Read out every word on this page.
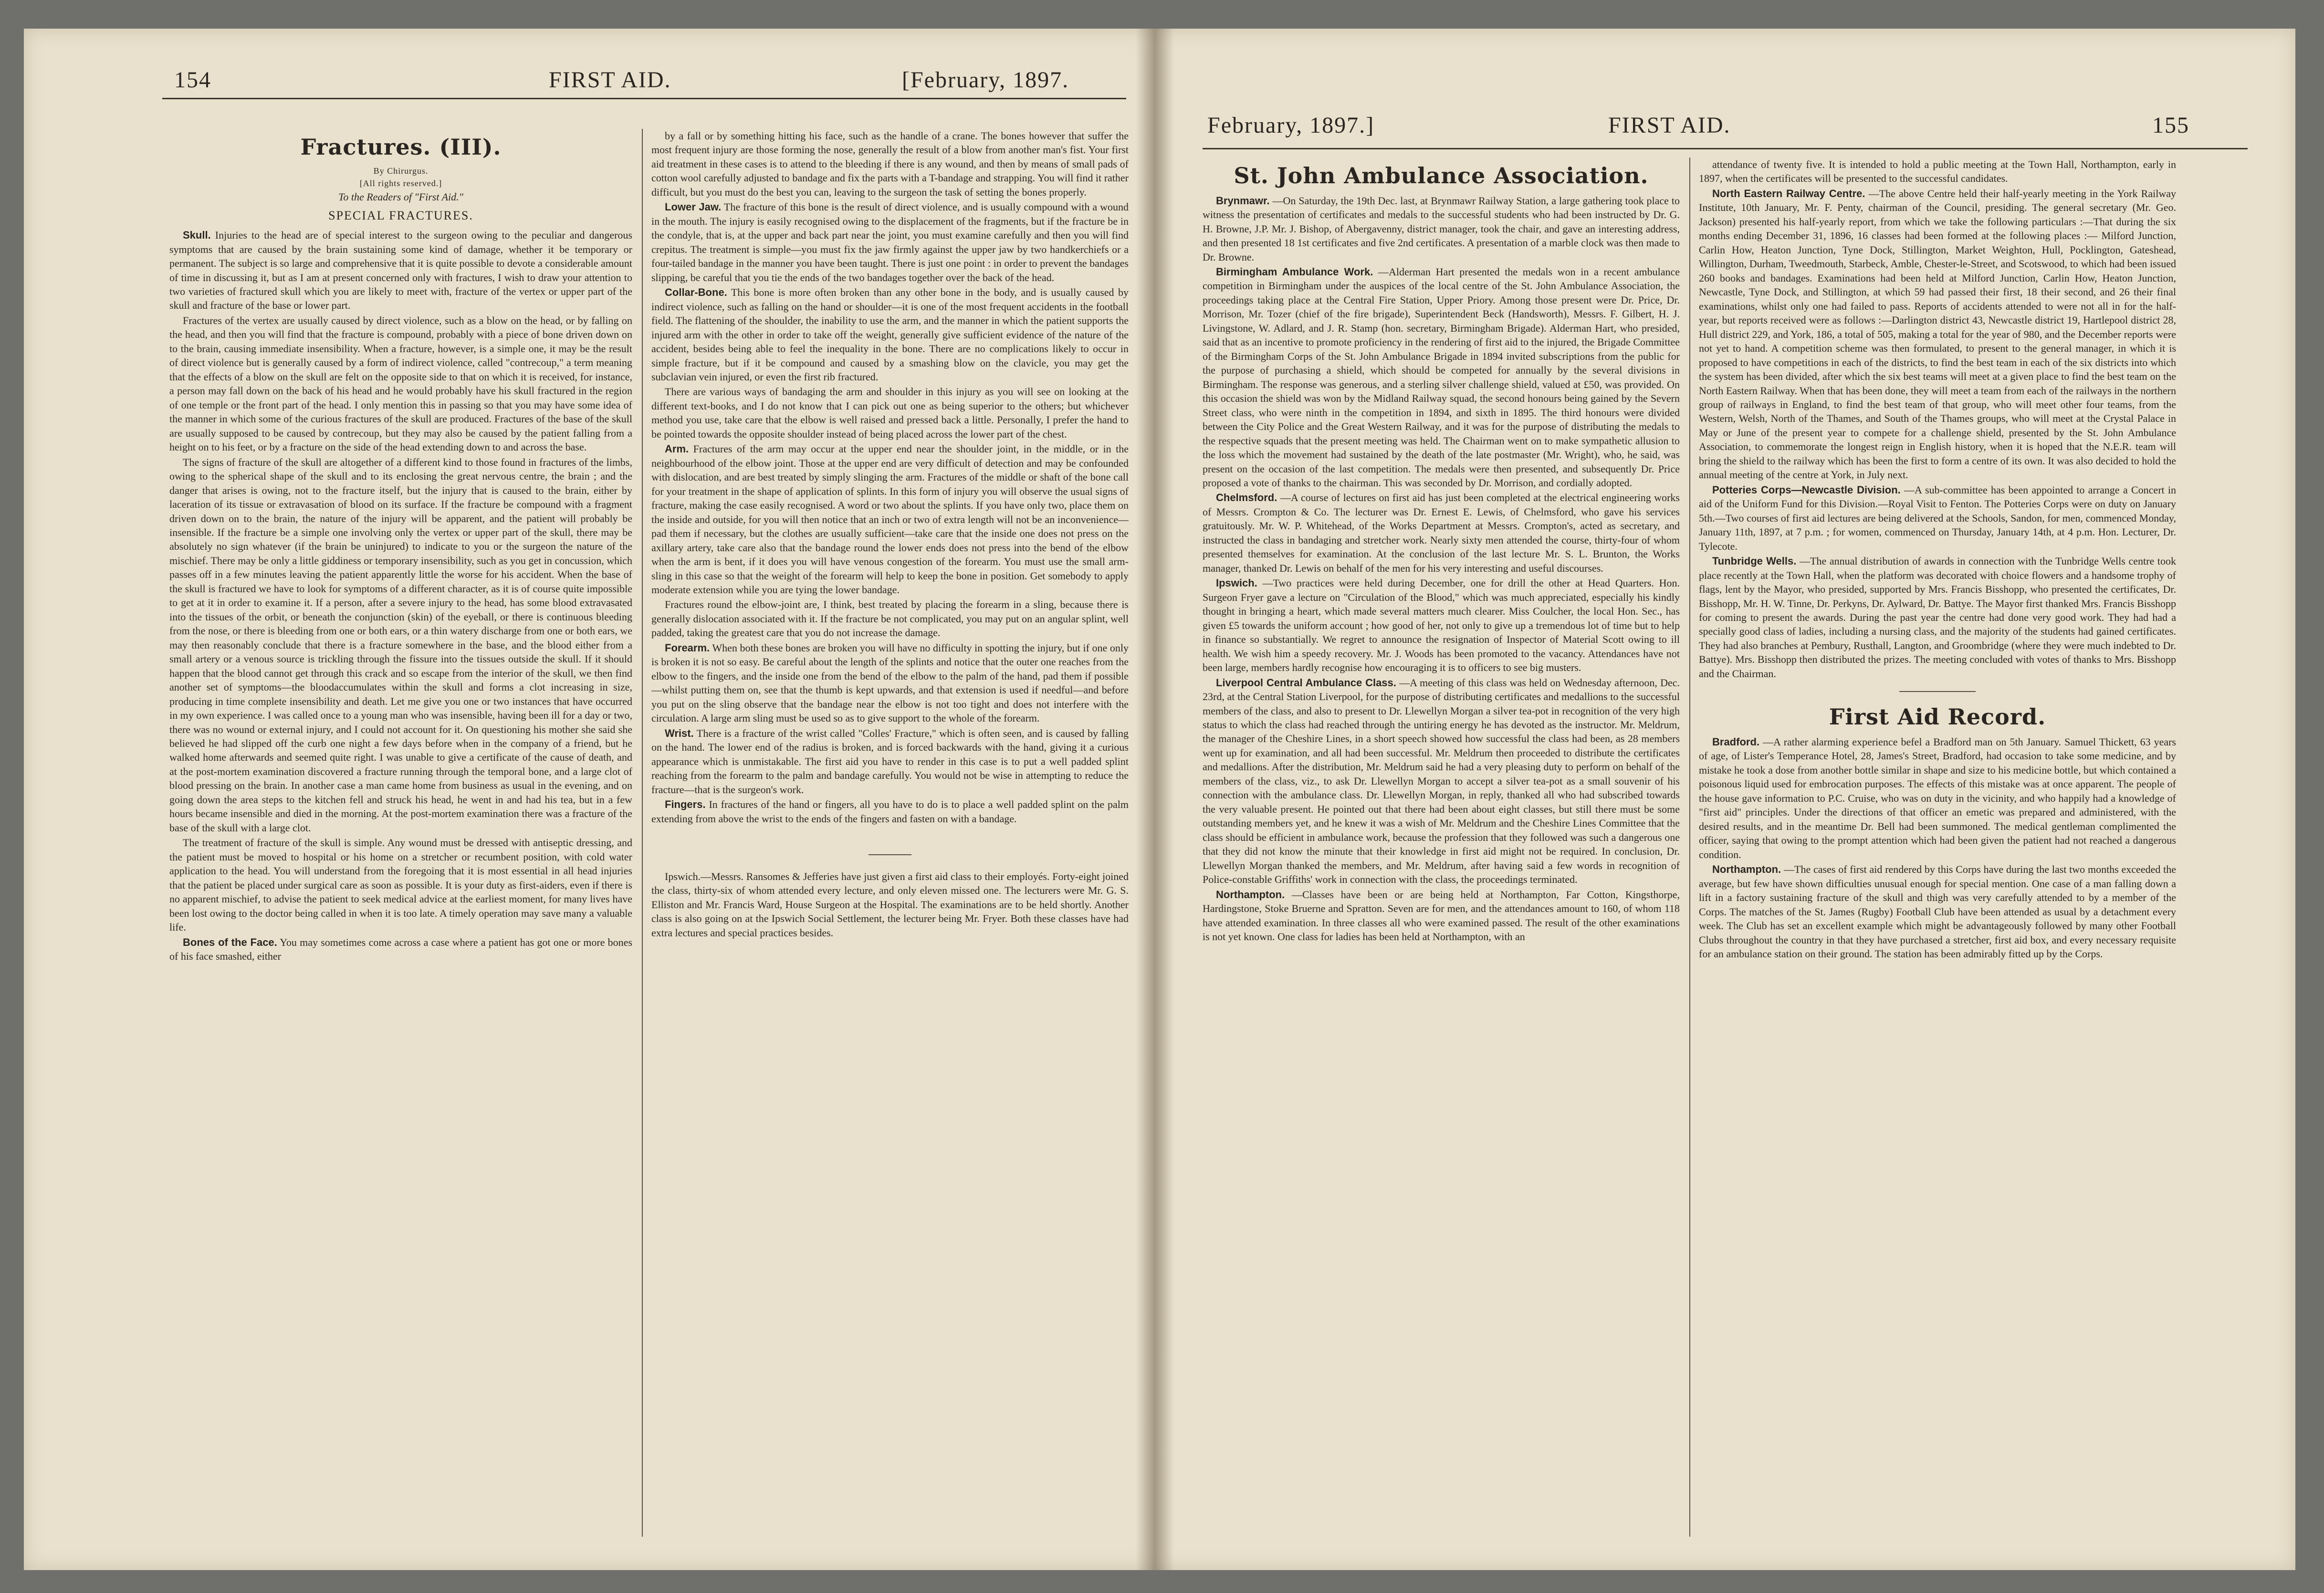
154	FIRST AID.	[February, 1897.
February, 1897.]	FIRST AID.	155
Fractures. (III).

By Chirurgus.

[All rights reserved.]

To the Readers of "First Aid."

SPECIAL FRACTURES.

Skull. Injuries to the head are of special interest to the surgeon owing to the peculiar and dangerous symptoms that are caused by the brain sustaining some kind of damage, whether it be temporary or permanent. The subject is so large and comprehensive that it is quite possible to devote a considerable amount of time in discussing it, but as I am at present concerned only with fractures, I wish to draw your attention to two varieties of fractured skull which you are likely to meet with, fracture of the vertex or upper part of the skull and fracture of the base or lower part.

Fractures of the vertex are usually caused by direct violence, such as a blow on the head, or by falling on the head, and then you will find that the fracture is compound, probably with a piece of bone driven down on to the brain, causing immediate insensibility. When a fracture, however, is a simple one, it may be the result of direct violence but is generally caused by a form of indirect violence, called "contrecoup," a term meaning that the effects of a blow on the skull are felt on the opposite side to that on which it is received, for instance, a person may fall down on the back of his head and he would probably have his skull fractured in the region of one temple or the front part of the head. I only mention this in passing so that you may have some idea of the manner in which some of the curious fractures of the skull are produced. Fractures of the base of the skull are usually supposed to be caused by contrecoup, but they may also be caused by the patient falling from a height on to his feet, or by a fracture on the side of the head extending down to and across the base.

The signs of fracture of the skull are altogether of a different kind to those found in fractures of the limbs, owing to the spherical shape of the skull and to its enclosing the great nervous centre, the brain ; and the danger that arises is owing, not to the fracture itself, but the injury that is caused to the brain, either by laceration of its tissue or extravasation of blood on its surface. If the fracture be compound with a fragment driven down on to the brain, the nature of the injury will be apparent, and the patient will probably be insensible. If the fracture be a simple one involving only the vertex or upper part of the skull, there may be absolutely no sign whatever (if the brain be uninjured) to indicate to you or the surgeon the nature of the mischief. There may be only a little giddiness or temporary insensibility, such as you get in concussion, which passes off in a few minutes leaving the patient apparently little the worse for his accident. When the base of the skull is fractured we have to look for symptoms of a different character, as it is of course quite impossible to get at it in order to examine it. If a person, after a severe injury to the head, has some blood extravasated into the tissues of the orbit, or beneath the conjunction (skin) of the eyeball, or there is continuous bleeding from the nose, or there is bleeding from one or both ears, or a thin watery discharge from one or both ears, we may then reasonably conclude that there is a fracture somewhere in the base, and the blood either from a small artery or a venous source is trickling through the fissure into the tissues outside the skull. If it should happen that the blood cannot get through this crack and so escape from the interior of the skull, we then find another set of symptoms—the bloodaccumulates within the skull and forms a clot increasing in size, producing in time complete insensibility and death. Let me give you one or two instances that have occurred in my own experience. I was called once to a young man who was insensible, having been ill for a day or two, there was no wound or external injury, and I could not account for it. On questioning his mother she said she believed he had slipped off the curb one night a few days before when in the company of a friend, but he walked home afterwards and seemed quite right. I was unable to give a certificate of the cause of death, and at the post-mortem examination discovered a fracture running through the temporal bone, and a large clot of blood pressing on the brain. In another case a man came home from business as usual in the evening, and on going down the area steps to the kitchen fell and struck his head, he went in and had his tea, but in a few hours became insensible and died in the morning. At the post-mortem examination there was a fracture of the base of the skull with a large clot.

The treatment of fracture of the skull is simple. Any wound must be dressed with antiseptic dressing, and the patient must be moved to hospital or his home on a stretcher or recumbent position, with cold water application to the head. You will understand from the foregoing that it is most essential in all head injuries that the patient be placed under surgical care as soon as possible. It is your duty as first-aiders, even if there is no apparent mischief, to advise the patient to seek medical advice at the earliest moment, for many lives have been lost owing to the doctor being called in when it is too late. A timely operation may save many a valuable life.

Bones of the Face. You may sometimes come across a case where a patient has got one or more bones of his face smashed, either

by a fall or by something hitting his face, such as the handle of a crane. The bones however that suffer the most frequent injury are those forming the nose, generally the result of a blow from another man's fist. Your first aid treatment in these cases is to attend to the bleeding if there is any wound, and then by means of small pads of cotton wool carefully adjusted to bandage and fix the parts with a T-bandage and strapping. You will find it rather difficult, but you must do the best you can, leaving to the surgeon the task of setting the bones properly.

Lower Jaw. The fracture of this bone is the result of direct violence, and is usually compound with a wound in the mouth. The injury is easily recognised owing to the displacement of the fragments, but if the fracture be in the condyle, that is, at the upper and back part near the joint, you must examine carefully and then you will find crepitus. The treatment is simple—you must fix the jaw firmly against the upper jaw by two handkerchiefs or a four-tailed bandage in the manner you have been taught. There is just one point : in order to prevent the bandages slipping, be careful that you tie the ends of the two bandages together over the back of the head.

Collar-Bone. This bone is more often broken than any other bone in the body, and is usually caused by indirect violence, such as falling on the hand or shoulder—it is one of the most frequent accidents in the football field. The flattening of the shoulder, the inability to use the arm, and the manner in which the patient supports the injured arm with the other in order to take off the weight, generally give sufficient evidence of the nature of the accident, besides being able to feel the inequality in the bone. There are no complications likely to occur in simple fracture, but if it be compound and caused by a smashing blow on the clavicle, you may get the subclavian vein injured, or even the first rib fractured.

There are various ways of bandaging the arm and shoulder in this injury as you will see on looking at the different text-books, and I do not know that I can pick out one as being superior to the others; but whichever method you use, take care that the elbow is well raised and pressed back a little. Personally, I prefer the hand to be pointed towards the opposite shoulder instead of being placed across the lower part of the chest.

Arm. Fractures of the arm may occur at the upper end near the shoulder joint, in the middle, or in the neighbourhood of the elbow joint. Those at the upper end are very difficult of detection and may be confounded with dislocation, and are best treated by simply slinging the arm. Fractures of the middle or shaft of the bone call for your treatment in the shape of application of splints. In this form of injury you will observe the usual signs of fracture, making the case easily recognised. A word or two about the splints. If you have only two, place them on the inside and outside, for you will then notice that an inch or two of extra length will not be an inconvenience—pad them if necessary, but the clothes are usually sufficient—take care that the inside one does not press on the axillary artery, take care also that the bandage round the lower ends does not press into the bend of the elbow when the arm is bent, if it does you will have venous congestion of the forearm. You must use the small arm-sling in this case so that the weight of the forearm will help to keep the bone in position. Get somebody to apply moderate extension while you are tying the lower bandage.

Fractures round the elbow-joint are, I think, best treated by placing the forearm in a sling, because there is generally dislocation associated with it. If the fracture be not complicated, you may put on an angular splint, well padded, taking the greatest care that you do not increase the damage.

Forearm. When both these bones are broken you will have no difficulty in spotting the injury, but if one only is broken it is not so easy. Be careful about the length of the splints and notice that the outer one reaches from the elbow to the fingers, and the inside one from the bend of the elbow to the palm of the hand, pad them if possible—whilst putting them on, see that the thumb is kept upwards, and that extension is used if needful—and before you put on the sling observe that the bandage near the elbow is not too tight and does not interfere with the circulation. A large arm sling must be used so as to give support to the whole of the forearm.

Wrist. There is a fracture of the wrist called "Colles' Fracture," which is often seen, and is caused by falling on the hand. The lower end of the radius is broken, and is forced backwards with the hand, giving it a curious appearance which is unmistakable. The first aid you have to render in this case is to put a well padded splint reaching from the forearm to the palm and bandage carefully. You would not be wise in attempting to reduce the fracture—that is the surgeon's work.

Fingers. In fractures of the hand or fingers, all you have to do is to place a well padded splint on the palm extending from above the wrist to the ends of the fingers and fasten on with a bandage.

Ipswich.—Messrs. Ransomes & Jefferies have just given a first aid class to their employés. Forty-eight joined the class, thirty-six of whom attended every lecture, and only eleven missed one. The lecturers were Mr. G. S. Elliston and Mr. Francis Ward, House Surgeon at the Hospital. The examinations are to be held shortly. Another class is also going on at the Ipswich Social Settlement, the lecturer being Mr. Fryer. Both these classes have had extra lectures and special practices besides.

St. John Ambulance Association.

Brynmawr. —On Saturday, the 19th Dec. last, at Brynmawr Railway Station, a large gathering took place to witness the presentation of certificates and medals to the successful students who had been instructed by Dr. G. H. Browne, J.P. Mr. J. Bishop, of Abergavenny, district manager, took the chair, and gave an interesting address, and then presented 18 1st certificates and five 2nd certificates. A presentation of a marble clock was then made to Dr. Browne.

Birmingham Ambulance Work. —Alderman Hart presented the medals won in a recent ambulance competition in Birmingham under the auspices of the local centre of the St. John Ambulance Association, the proceedings taking place at the Central Fire Station, Upper Priory. Among those present were Dr. Price, Dr. Morrison, Mr. Tozer (chief of the fire brigade), Superintendent Beck (Handsworth), Messrs. F. Gilbert, H. J. Livingstone, W. Adlard, and J. R. Stamp (hon. secretary, Birmingham Brigade). Alderman Hart, who presided, said that as an incentive to promote proficiency in the rendering of first aid to the injured, the Brigade Committee of the Birmingham Corps of the St. John Ambulance Brigade in 1894 invited subscriptions from the public for the purpose of purchasing a shield, which should be competed for annually by the several divisions in Birmingham. The response was generous, and a sterling silver challenge shield, valued at £50, was provided. On this occasion the shield was won by the Midland Railway squad, the second honours being gained by the Severn Street class, who were ninth in the competition in 1894, and sixth in 1895. The third honours were divided between the City Police and the Great Western Railway, and it was for the purpose of distributing the medals to the respective squads that the present meeting was held. The Chairman went on to make sympathetic allusion to the loss which the movement had sustained by the death of the late postmaster (Mr. Wright), who, he said, was present on the occasion of the last competition. The medals were then presented, and subsequently Dr. Price proposed a vote of thanks to the chairman. This was seconded by Dr. Morrison, and cordially adopted.

Chelmsford. —A course of lectures on first aid has just been completed at the electrical engineering works of Messrs. Crompton & Co. The lecturer was Dr. Ernest E. Lewis, of Chelmsford, who gave his services gratuitously. Mr. W. P. Whitehead, of the Works Department at Messrs. Crompton's, acted as secretary, and instructed the class in bandaging and stretcher work. Nearly sixty men attended the course, thirty-four of whom presented themselves for examination. At the conclusion of the last lecture Mr. S. L. Brunton, the Works manager, thanked Dr. Lewis on behalf of the men for his very interesting and useful discourses.

Ipswich. —Two practices were held during December, one for drill the other at Head Quarters. Hon. Surgeon Fryer gave a lecture on "Circulation of the Blood," which was much appreciated, especially his kindly thought in bringing a heart, which made several matters much clearer. Miss Coulcher, the local Hon. Sec., has given £5 towards the uniform account ; how good of her, not only to give up a tremendous lot of time but to help in finance so substantially. We regret to announce the resignation of Inspector of Material Scott owing to ill health. We wish him a speedy recovery. Mr. J. Woods has been promoted to the vacancy. Attendances have not been large, members hardly recognise how encouraging it is to officers to see big musters.

Liverpool Central Ambulance Class. —A meeting of this class was held on Wednesday afternoon, Dec. 23rd, at the Central Station Liverpool, for the purpose of distributing certificates and medallions to the successful members of the class, and also to present to Dr. Llewellyn Morgan a silver tea-pot in recognition of the very high status to which the class had reached through the untiring energy he has devoted as the instructor. Mr. Meldrum, the manager of the Cheshire Lines, in a short speech showed how successful the class had been, as 28 members went up for examination, and all had been successful. Mr. Meldrum then proceeded to distribute the certificates and medallions. After the distribution, Mr. Meldrum said he had a very pleasing duty to perform on behalf of the members of the class, viz., to ask Dr. Llewellyn Morgan to accept a silver tea-pot as a small souvenir of his connection with the ambulance class. Dr. Llewellyn Morgan, in reply, thanked all who had subscribed towards the very valuable present. He pointed out that there had been about eight classes, but still there must be some outstanding members yet, and he knew it was a wish of Mr. Meldrum and the Cheshire Lines Committee that the class should be efficient in ambulance work, because the profession that they followed was such a dangerous one that they did not know the minute that their knowledge in first aid might not be required. In conclusion, Dr. Llewellyn Morgan thanked the members, and Mr. Meldrum, after having said a few words in recognition of Police-constable Griffiths' work in connection with the class, the proceedings terminated.

Northampton. —Classes have been or are being held at Northampton, Far Cotton, Kingsthorpe, Hardingstone, Stoke Bruerne and Spratton. Seven are for men, and the attendances amount to 160, of whom 118 have attended examination. In three classes all who were examined passed. The result of the other examinations is not yet known. One class for ladies has been held at Northampton, with an

attendance of twenty five. It is intended to hold a public meeting at the Town Hall, Northampton, early in 1897, when the certificates will be presented to the successful candidates.

North Eastern Railway Centre. —The above Centre held their half-yearly meeting in the York Railway Institute, 10th January, Mr. F. Penty, chairman of the Council, presiding. The general secretary (Mr. Geo. Jackson) presented his half-yearly report, from which we take the following particulars :—That during the six months ending December 31, 1896, 16 classes had been formed at the following places :— Milford Junction, Carlin How, Heaton Junction, Tyne Dock, Stillington, Market Weighton, Hull, Pocklington, Gateshead, Willington, Durham, Tweedmouth, Starbeck, Amble, Chester-le-Street, and Scotswood, to which had been issued 260 books and bandages. Examinations had been held at Milford Junction, Carlin How, Heaton Junction, Newcastle, Tyne Dock, and Stillington, at which 59 had passed their first, 18 their second, and 26 their final examinations, whilst only one had failed to pass. Reports of accidents attended to were not all in for the half-year, but reports received were as follows :—Darlington district 43, Newcastle district 19, Hartlepool district 28, Hull district 229, and York, 186, a total of 505, making a total for the year of 980, and the December reports were not yet to hand. A competition scheme was then formulated, to present to the general manager, in which it is proposed to have competitions in each of the districts, to find the best team in each of the six districts into which the system has been divided, after which the six best teams will meet at a given place to find the best team on the North Eastern Railway. When that has been done, they will meet a team from each of the railways in the northern group of railways in England, to find the best team of that group, who will meet other four teams, from the Western, Welsh, North of the Thames, and South of the Thames groups, who will meet at the Crystal Palace in May or June of the present year to compete for a challenge shield, presented by the St. John Ambulance Association, to commemorate the longest reign in English history, when it is hoped that the N.E.R. team will bring the shield to the railway which has been the first to form a centre of its own. It was also decided to hold the annual meeting of the centre at York, in July next.

Potteries Corps—Newcastle Division. —A sub-committee has been appointed to arrange a Concert in aid of the Uniform Fund for this Division.—Royal Visit to Fenton. The Potteries Corps were on duty on January 5th.—Two courses of first aid lectures are being delivered at the Schools, Sandon, for men, commenced Monday, January 11th, 1897, at 7 p.m. ; for women, commenced on Thursday, January 14th, at 4 p.m. Hon. Lecturer, Dr. Tylecote.

Tunbridge Wells. —The annual distribution of awards in connection with the Tunbridge Wells centre took place recently at the Town Hall, when the platform was decorated with choice flowers and a handsome trophy of flags, lent by the Mayor, who presided, supported by Mrs. Francis Bisshopp, who presented the certificates, Dr. Bisshopp, Mr. H. W. Tinne, Dr. Perkyns, Dr. Aylward, Dr. Battye. The Mayor first thanked Mrs. Francis Bisshopp for coming to present the awards. During the past year the centre had done very good work. They had had a specially good class of ladies, including a nursing class, and the majority of the students had gained certificates. They had also branches at Pembury, Rusthall, Langton, and Groombridge (where they were much indebted to Dr. Battye). Mrs. Bisshopp then distributed the prizes. The meeting concluded with votes of thanks to Mrs. Bisshopp and the Chairman.

First Aid Record.

Bradford. —A rather alarming experience befel a Bradford man on 5th January. Samuel Thickett, 63 years of age, of Lister's Temperance Hotel, 28, James's Street, Bradford, had occasion to take some medicine, and by mistake he took a dose from another bottle similar in shape and size to his medicine bottle, but which contained a poisonous liquid used for embrocation purposes. The effects of this mistake was at once apparent. The people of the house gave information to P.C. Cruise, who was on duty in the vicinity, and who happily had a knowledge of "first aid" principles. Under the directions of that officer an emetic was prepared and administered, with the desired results, and in the meantime Dr. Bell had been summoned. The medical gentleman complimented the officer, saying that owing to the prompt attention which had been given the patient had not reached a dangerous condition.

Northampton. —The cases of first aid rendered by this Corps have during the last two months exceeded the average, but few have shown difficulties unusual enough for special mention. One case of a man falling down a lift in a factory sustaining fracture of the skull and thigh was very carefully attended to by a member of the Corps. The matches of the St. James (Rugby) Football Club have been attended as usual by a detachment every week. The Club has set an excellent example which might be advantageously followed by many other Football Clubs throughout the country in that they have purchased a stretcher, first aid box, and every necessary requisite for an ambulance station on their ground. The station has been admirably fitted up by the Corps.
